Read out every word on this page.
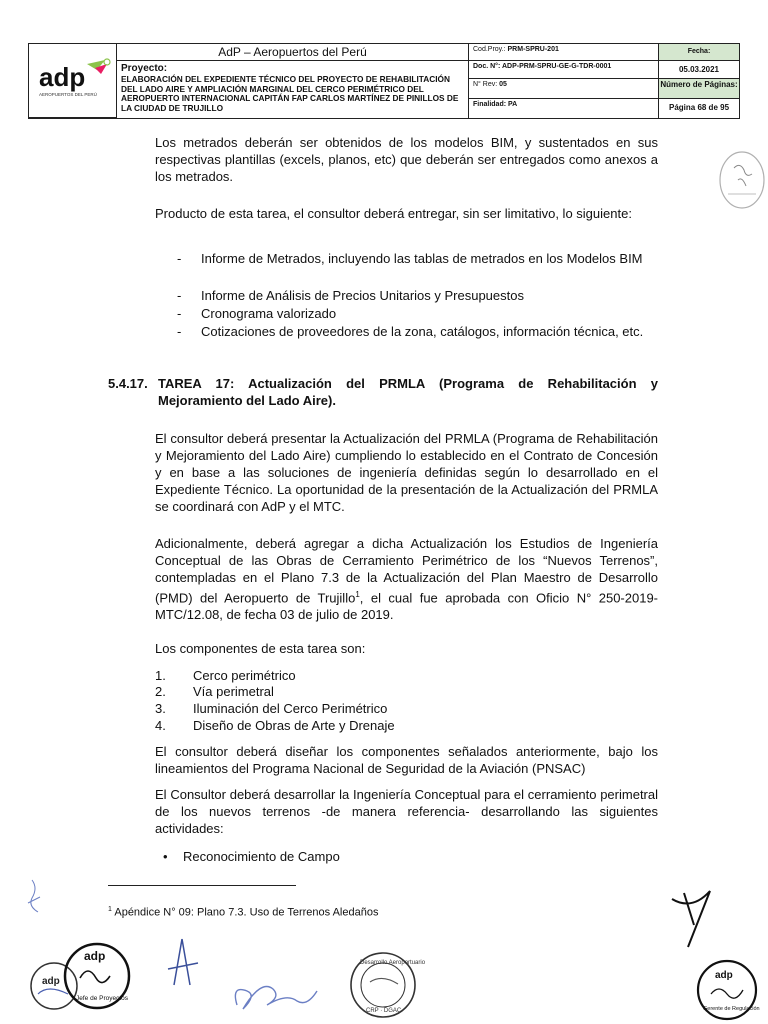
adp
AEROPUERTOS DEL PERÚ
AdP – Aeropuertos del Perú
Proyecto:
ELABORACIÓN DEL EXPEDIENTE TÉCNICO DEL PROYECTO DE REHABILITACIÓN DEL LADO AIRE Y AMPLIACIÓN MARGINAL DEL CERCO PERIMÉTRICO DEL AEROPUERTO INTERNACIONAL CAPITÁN FAP CARLOS MARTÍNEZ DE PINILLOS DE LA CIUDAD DE TRUJILLO
Cod.Proy.: PRM-SPRU-201
Doc. N°: ADP-PRM-SPRU-GE-G-TDR-0001
N° Rev: 05
Finalidad: PA
Fecha:
05.03.2021
Número de Páginas:
Página 68 de 95
Los metrados deberán ser obtenidos de los modelos BIM, y sustentados en sus respectivas plantillas (excels, planos, etc) que deberán ser entregados como anexos a los metrados.
Producto de esta tarea, el consultor deberá entregar, sin ser limitativo, lo siguiente:
- Informe de Metrados, incluyendo las tablas de metrados en los Modelos BIM
- Informe de Análisis de Precios Unitarios y Presupuestos
- Cronograma valorizado
- Cotizaciones de proveedores de la zona, catálogos, información técnica, etc.
5.4.17. TAREA 17: Actualización del PRMLA (Programa de Rehabilitación y Mejoramiento del Lado Aire).
El consultor deberá presentar la Actualización del PRMLA (Programa de Rehabilitación y Mejoramiento del Lado Aire) cumpliendo lo establecido en el Contrato de Concesión y en base a las soluciones de ingeniería definidas según lo desarrollado en el Expediente Técnico. La oportunidad de la presentación de la Actualización del PRMLA se coordinará con AdP y el MTC.
Adicionalmente, deberá agregar a dicha Actualización los Estudios de Ingeniería Conceptual de las Obras de Cerramiento Perimétrico de los “Nuevos Terrenos”, contempladas en el Plano 7.3 de la Actualización del Plan Maestro de Desarrollo (PMD) del Aeropuerto de Trujillo$^1$, el cual fue aprobada con Oficio N° 250-2019-MTC/12.08, de fecha 03 de julio de 2019.
Los componentes de esta tarea son:
1. Cerco perimétrico
2. Vía perimetral
3. Iluminación del Cerco Perimétrico
4. Diseño de Obras de Arte y Drenaje
El consultor deberá diseñar los componentes señalados anteriormente, bajo los lineamientos del Programa Nacional de Seguridad de la Aviación (PNSAC)
El Consultor deberá desarrollar la Ingeniería Conceptual para el cerramiento perimetral de los nuevos terrenos -de manera referencia- desarrollando las siguientes actividades:
• Reconocimiento de Campo
$^1$ Apéndice N° 09: Plano 7.3. Uso de Terrenos Aledaños
adp
adp
Jefe de Proyectos
Desarrollo Aeroportuario
CRP · DGAC
adp
Gerente de Regulación
